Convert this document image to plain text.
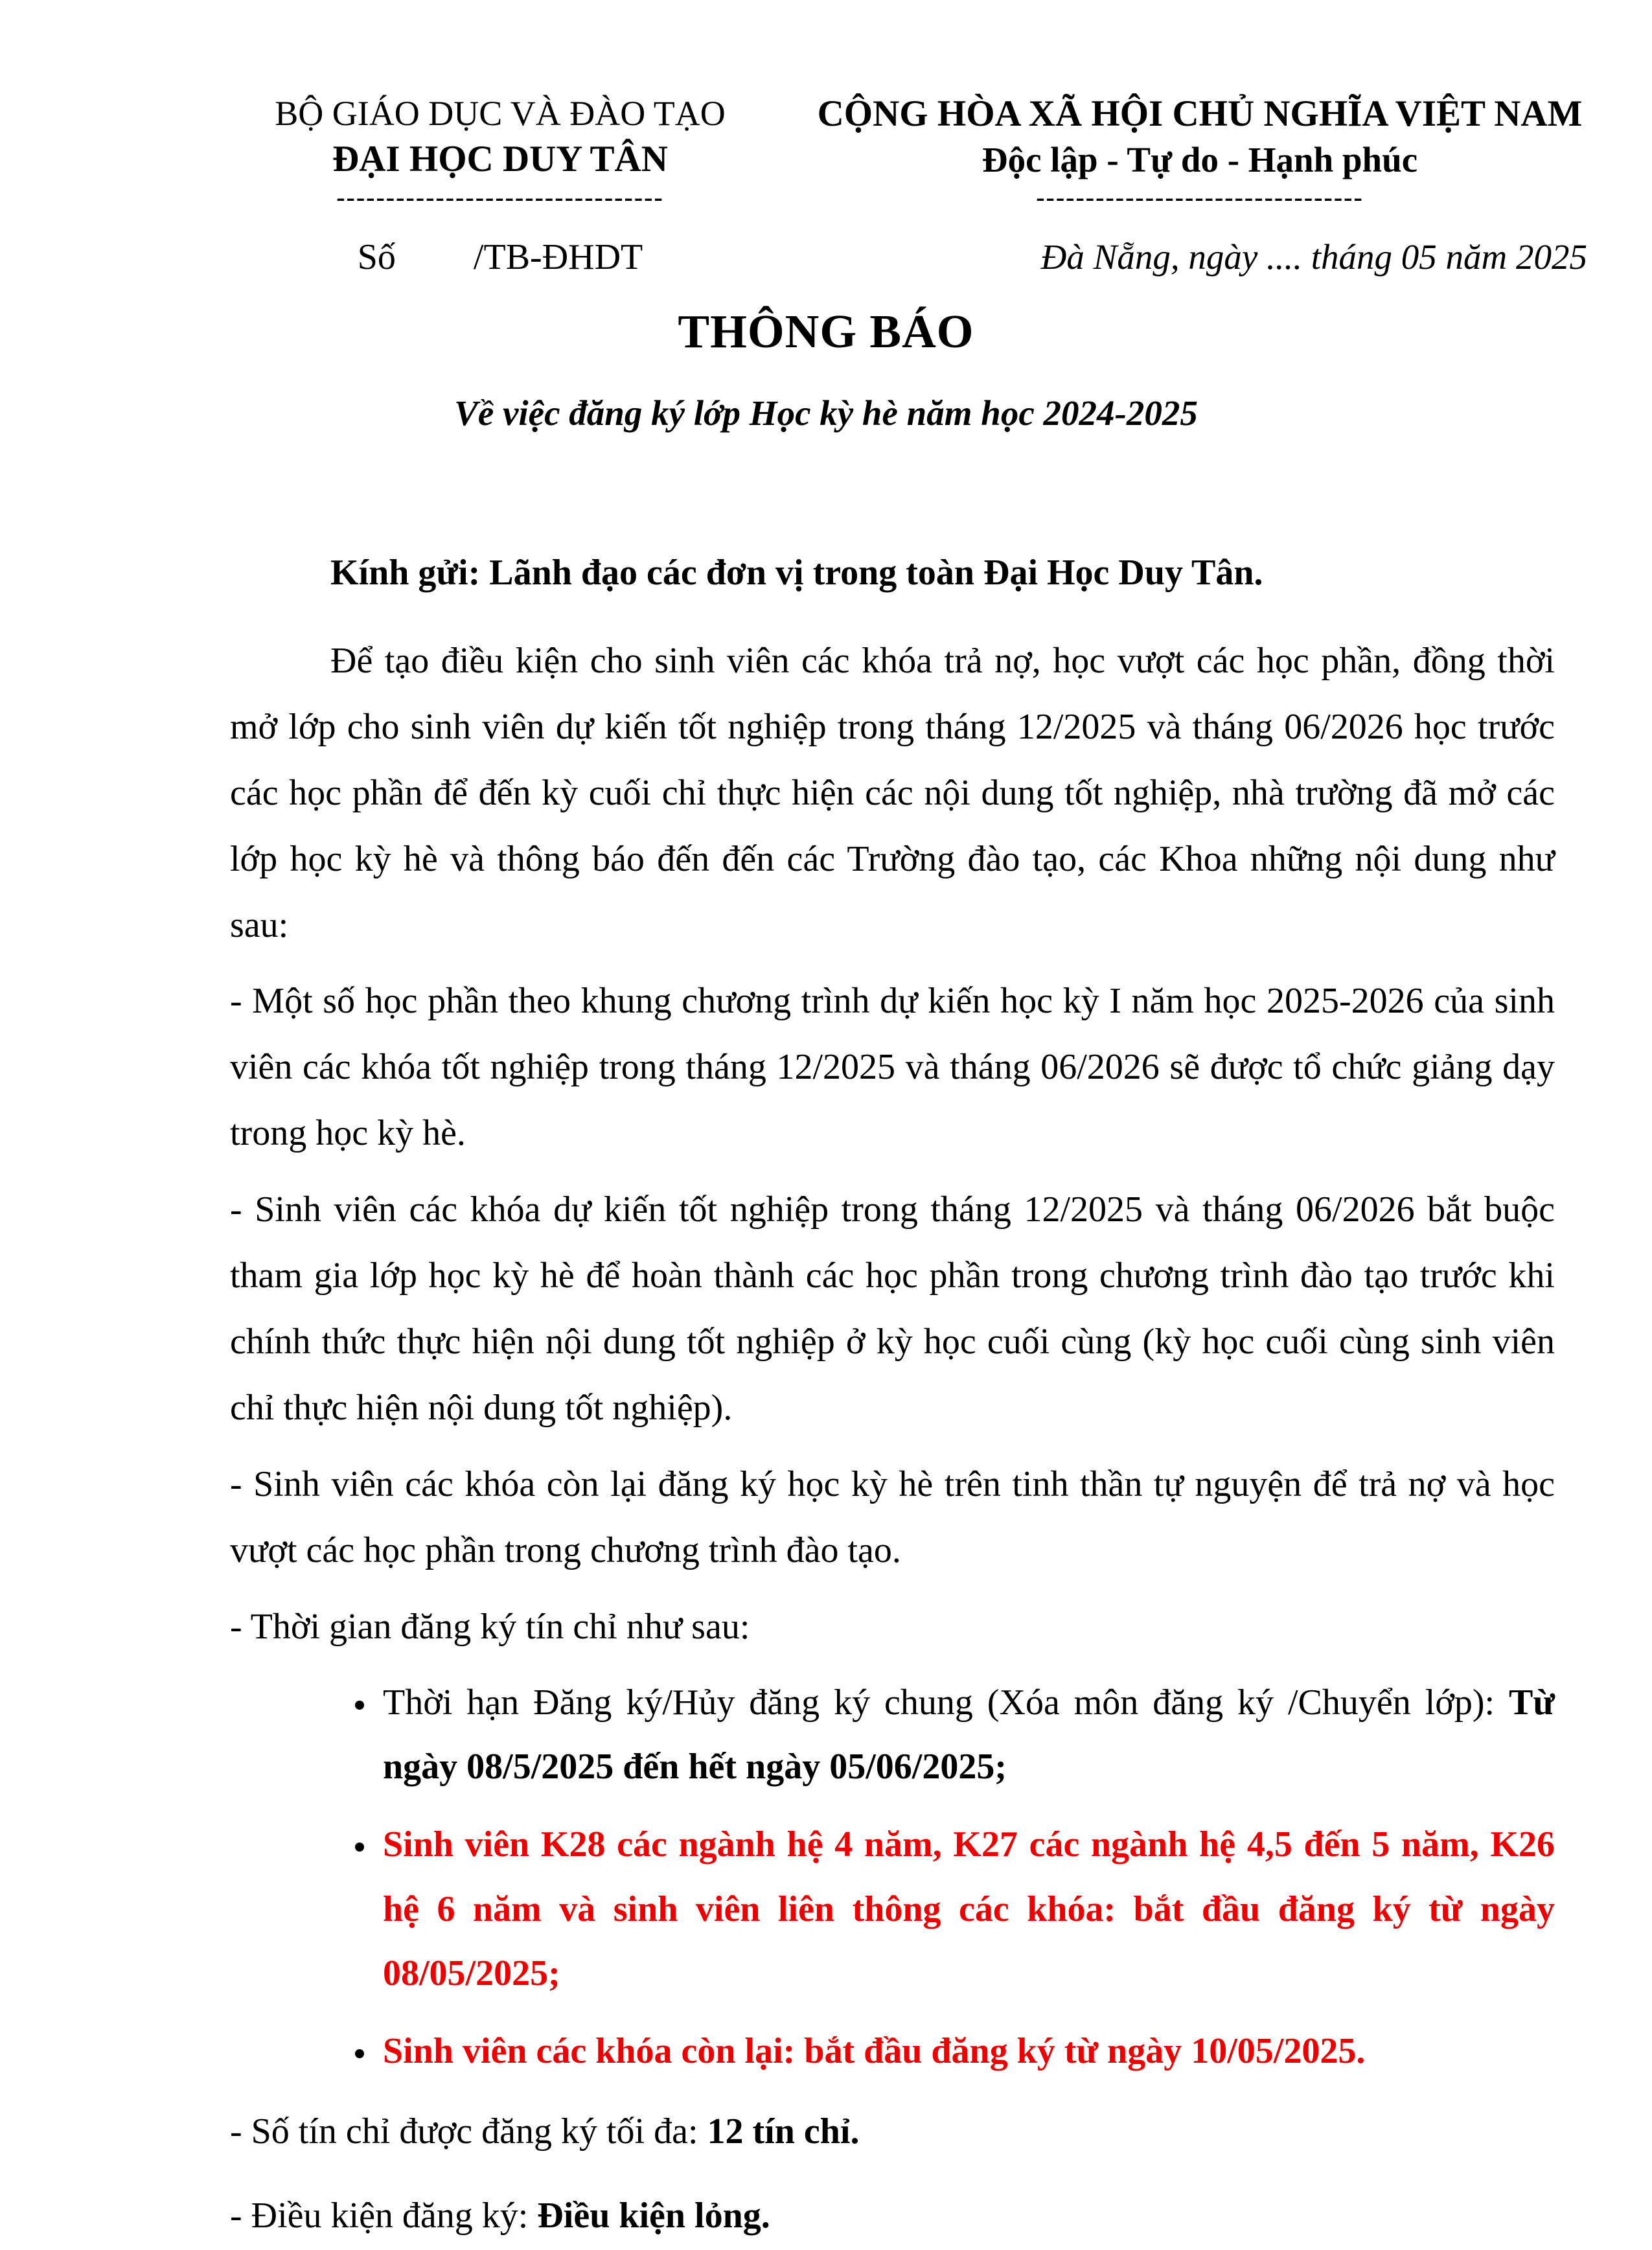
BỘ GIÁO DỤC VÀ ĐÀO TẠO
ĐẠI HỌC DUY TÂN
---------------------------------
Số /TB-ĐHDT
CỘNG HÒA XÃ HỘI CHỦ NGHĨA VIỆT NAM
Độc lập - Tự do - Hạnh phúc
---------------------------------
Đà Nẵng, ngày .... tháng 05 năm 2025
THÔNG BÁO
Về việc đăng ký lớp Học kỳ hè năm học 2024-2025

Kính gửi: Lãnh đạo các đơn vị trong toàn Đại Học Duy Tân.

Để tạo điều kiện cho sinh viên các khóa trả nợ, học vượt các học phần, đồng thời mở lớp cho sinh viên dự kiến tốt nghiệp trong tháng 12/2025 và tháng 06/2026 học trước các học phần để đến kỳ cuối chỉ thực hiện các nội dung tốt nghiệp, nhà trường đã mở các lớp học kỳ hè và thông báo đến đến các Trường đào tạo, các Khoa những nội dung như sau:

- Một số học phần theo khung chương trình dự kiến học kỳ I năm học 2025-2026 của sinh viên các khóa tốt nghiệp trong tháng 12/2025 và tháng 06/2026 sẽ được tổ chức giảng dạy trong học kỳ hè.

- Sinh viên các khóa dự kiến tốt nghiệp trong tháng 12/2025 và tháng 06/2026 bắt buộc tham gia lớp học kỳ hè để hoàn thành các học phần trong chương trình đào tạo trước khi chính thức thực hiện nội dung tốt nghiệp ở kỳ học cuối cùng (kỳ học cuối cùng sinh viên chỉ thực hiện nội dung tốt nghiệp).

- Sinh viên các khóa còn lại đăng ký học kỳ hè trên tinh thần tự nguyện để trả nợ và học vượt các học phần trong chương trình đào tạo.

- Thời gian đăng ký tín chỉ như sau:

• Thời hạn Đăng ký/Hủy đăng ký chung (Xóa môn đăng ký /Chuyển lớp): Từ ngày 08/5/2025 đến hết ngày 05/06/2025;
• Sinh viên K28 các ngành hệ 4 năm, K27 các ngành hệ 4,5 đến 5 năm, K26 hệ 6 năm và sinh viên liên thông các khóa: bắt đầu đăng ký từ ngày 08/05/2025;
• Sinh viên các khóa còn lại: bắt đầu đăng ký từ ngày 10/05/2025.

- Số tín chỉ được đăng ký tối đa: 12 tín chỉ.

- Điều kiện đăng ký: Điều kiện lỏng.
